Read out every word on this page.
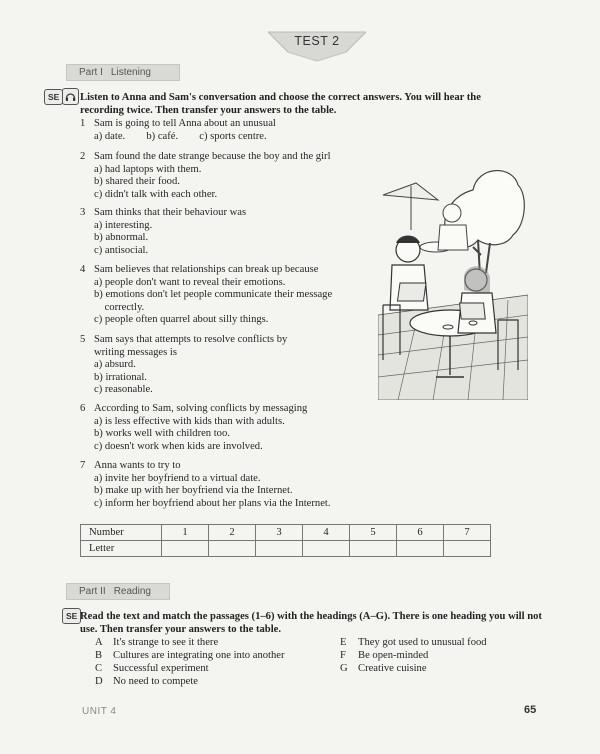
TEST 2
Part I Listening
SE	Listen to Anna and Sam's conversation and choose the correct answers. You will hear the recording twice. Then transfer your answers to the table.
1 Sam is going to tell Anna about an unusual
a) date.        b) café.        c) sports centre.
2 Sam found the date strange because the boy and the girl
a) had laptops with them.
b) shared their food.
c) didn't talk with each other.
3 Sam thinks that their behaviour was
a) interesting.
b) abnormal.
c) antisocial.
4 Sam believes that relationships can break up because
a) people don't want to reveal their emotions.
b) emotions don't let people communicate their message
correctly.
c) people often quarrel about silly things.
5 Sam says that attempts to resolve conflicts by writing messages is
a) absurd.
b) irrational.
c) reasonable.
6 According to Sam, solving conflicts by messaging
a) is less effective with kids than with adults.
b) works well with children too.
c) doesn't work when kids are involved.
7 Anna wants to try to
a) invite her boyfriend to a virtual date.
b) make up with her boyfriend via the Internet.
c) inform her boyfriend about her plans via the Internet.
Number	1	2	3	4	5	6	7
Letter							
Part II Reading
SE Read the text and match the passages (1–6) with the headings (A–G). There is one heading you will not use. Then transfer your answers to the table.
A It's strange to see it there
B Cultures are integrating one into another
C Successful experiment
D No need to compete
E They got used to unusual food
F Be open-minded
G Creative cuisine
UNIT 4	65
